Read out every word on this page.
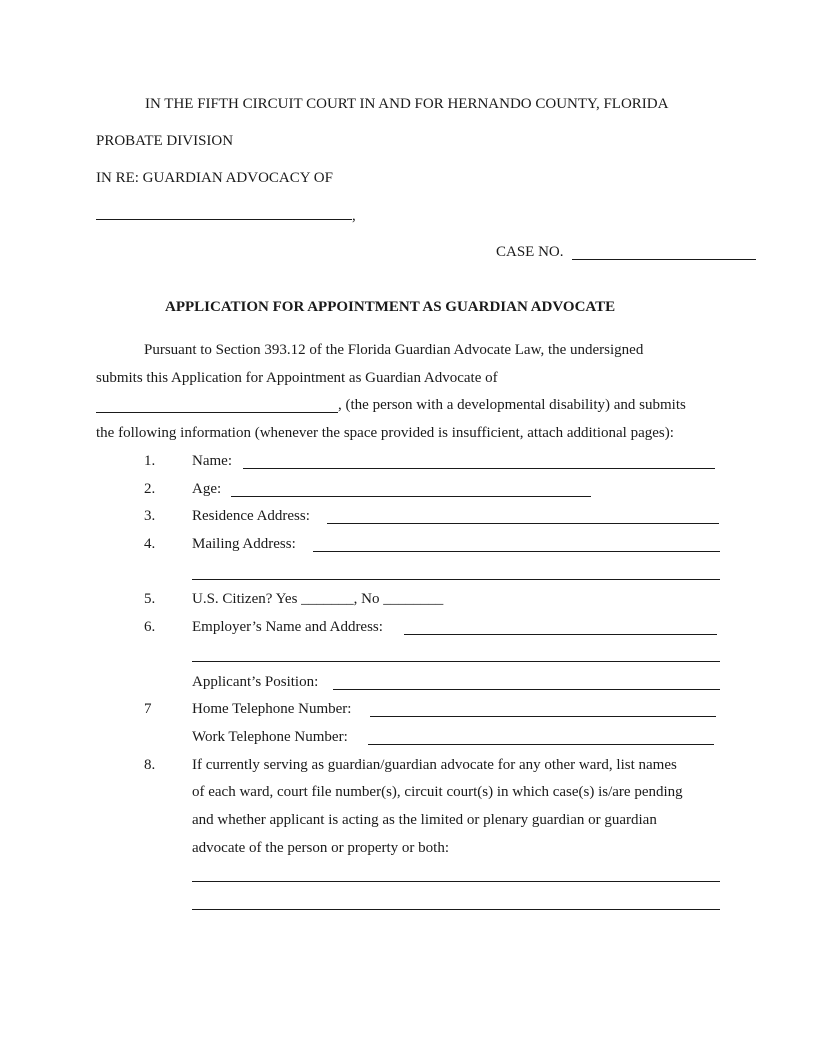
IN THE FIFTH CIRCUIT COURT IN AND FOR HERNANDO COUNTY, FLORIDA
PROBATE DIVISION
IN RE: GUARDIAN ADVOCACY OF
,
CASE NO.
APPLICATION FOR APPOINTMENT AS GUARDIAN ADVOCATE
Pursuant to Section 393.12 of the Florida Guardian Advocate Law, the undersigned
submits this Application for Appointment as Guardian Advocate of
, (the person with a developmental disability) and submits
the following information (whenever the space provided is insufficient, attach additional pages):
1. Name:
2. Age:
3. Residence Address:
4. Mailing Address:
5. U.S. Citizen? Yes _______, No ________
6. Employer’s Name and Address:
Applicant’s Position:
7	Home Telephone Number:
Work Telephone Number:
8. If currently serving as guardian/guardian advocate for any other ward, list names
of each ward, court file number(s), circuit court(s) in which case(s) is/are pending
and whether applicant is acting as the limited or plenary guardian or guardian
advocate of the person or property or both:
